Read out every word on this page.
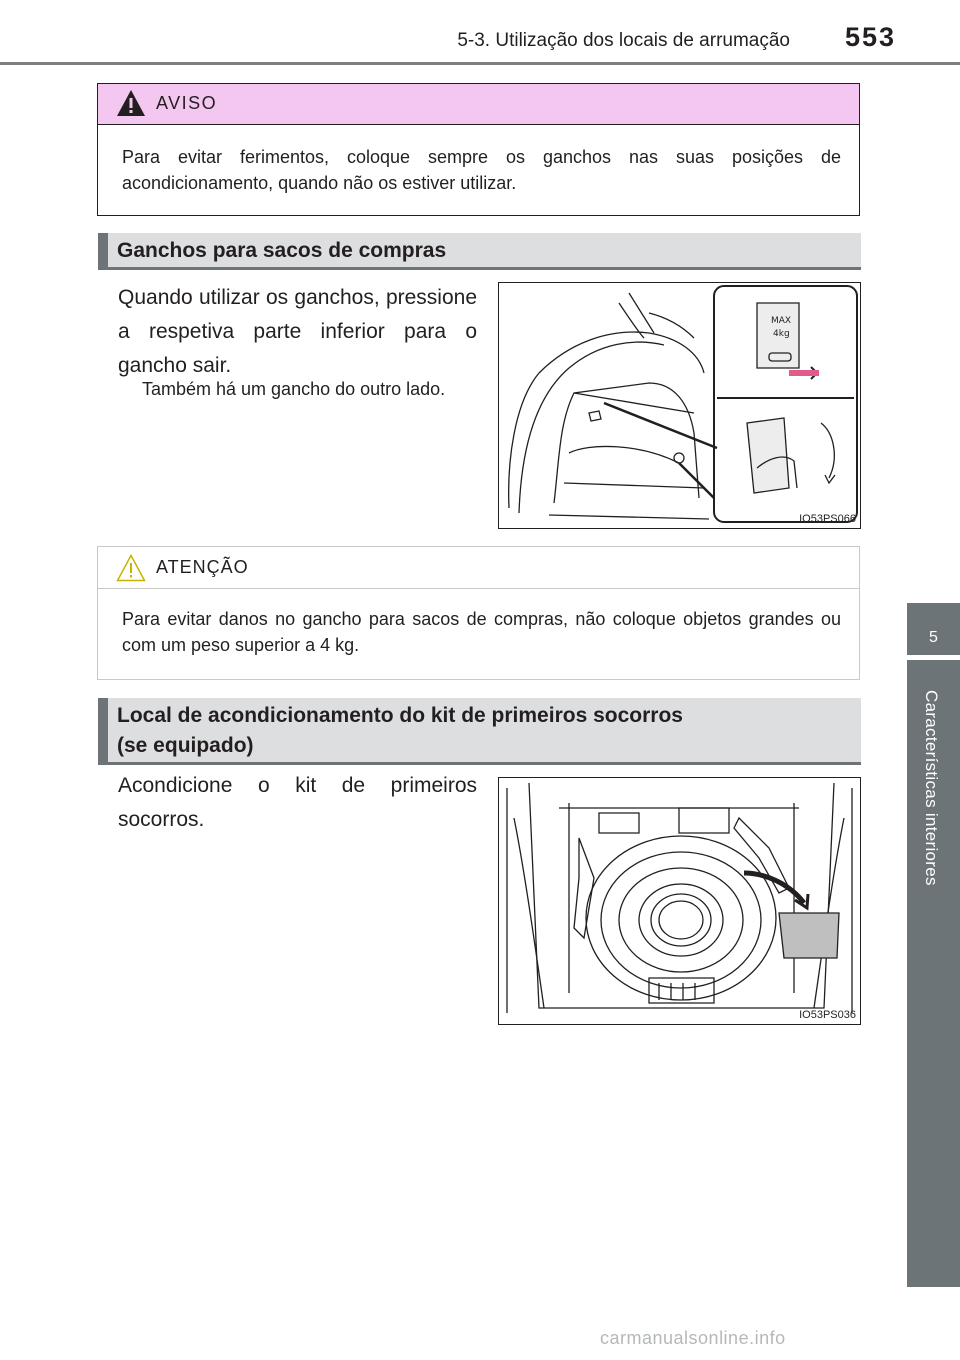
5-3. Utilização dos locais de arrumação	553
5
Características interiores
AVISO
Para evitar ferimentos, coloque sempre os ganchos nas suas posições de acondicionamento, quando não os estiver utilizar.
Ganchos para sacos de compras
Quando utilizar os ganchos, pressione a respetiva parte inferior para o gancho sair.
Também há um gancho do outro lado.
MAX
4kg
IO53PS066
ATENÇÃO
Para evitar danos no gancho para sacos de compras, não coloque objetos grandes ou com um peso superior a 4 kg.
Local de acondicionamento do kit de primeiros socorros
(se equipado)
Acondicione o kit de primeiros socorros.
IO53PS036
carmanualsonline.info
